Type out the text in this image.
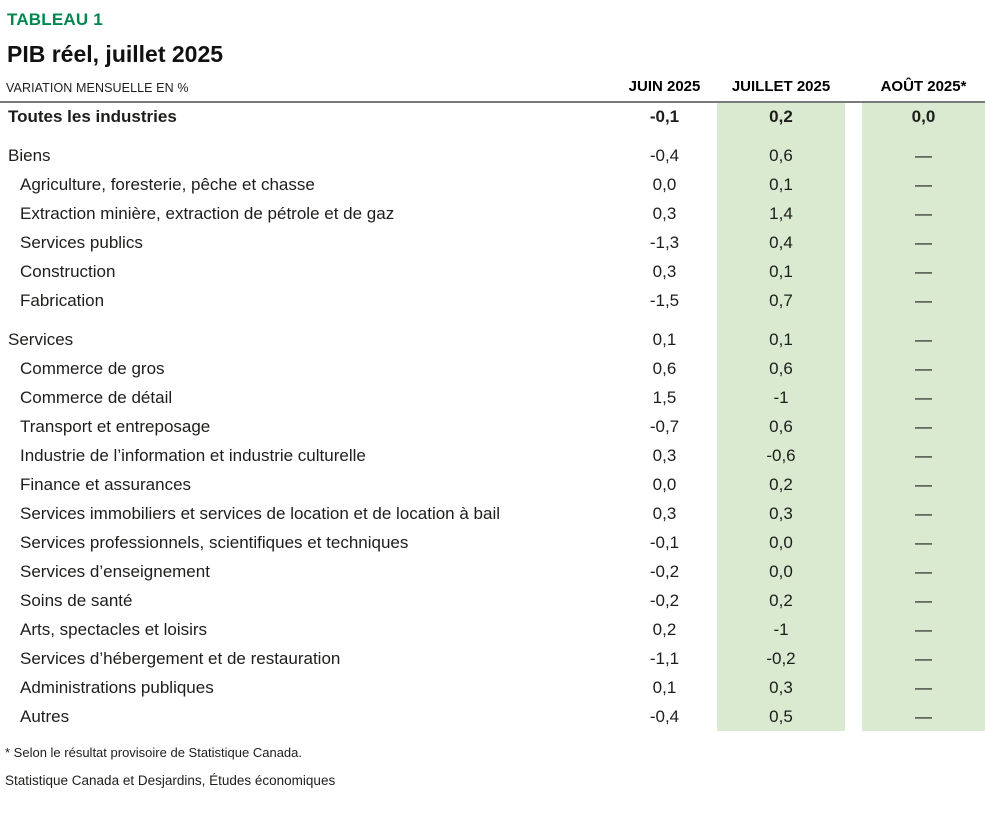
TABLEAU 1
PIB réel, juillet 2025
VARIATION MENSUELLE EN %	JUIN 2025	JUILLET 2025		AOÛT 2025*
Toutes les industries	-0,1	0,2		0,0

Biens	-0,4	0,6		—
Agriculture, foresterie, pêche et chasse	0,0	0,1		—
Extraction minière, extraction de pétrole et de gaz	0,3	1,4		—
Services publics	-1,3	0,4		—
Construction	0,3	0,1		—
Fabrication	-1,5	0,7		—

Services	0,1	0,1		—
Commerce de gros	0,6	0,6		—
Commerce de détail	1,5	-1		—
Transport et entreposage	-0,7	0,6		—
Industrie de l’information et industrie culturelle	0,3	-0,6		—
Finance et assurances	0,0	0,2		—
Services immobiliers et services de location et de location à bail	0,3	0,3		—
Services professionnels, scientifiques et techniques	-0,1	0,0		—
Services d’enseignement	-0,2	0,0		—
Soins de santé	-0,2	0,2		—
Arts, spectacles et loisirs	0,2	-1		—
Services d’hébergement et de restauration	-1,1	-0,2		—
Administrations publiques	0,1	0,3		—
Autres	-0,4	0,5		—
* Selon le résultat provisoire de Statistique Canada.
Statistique Canada et Desjardins, Études économiques
